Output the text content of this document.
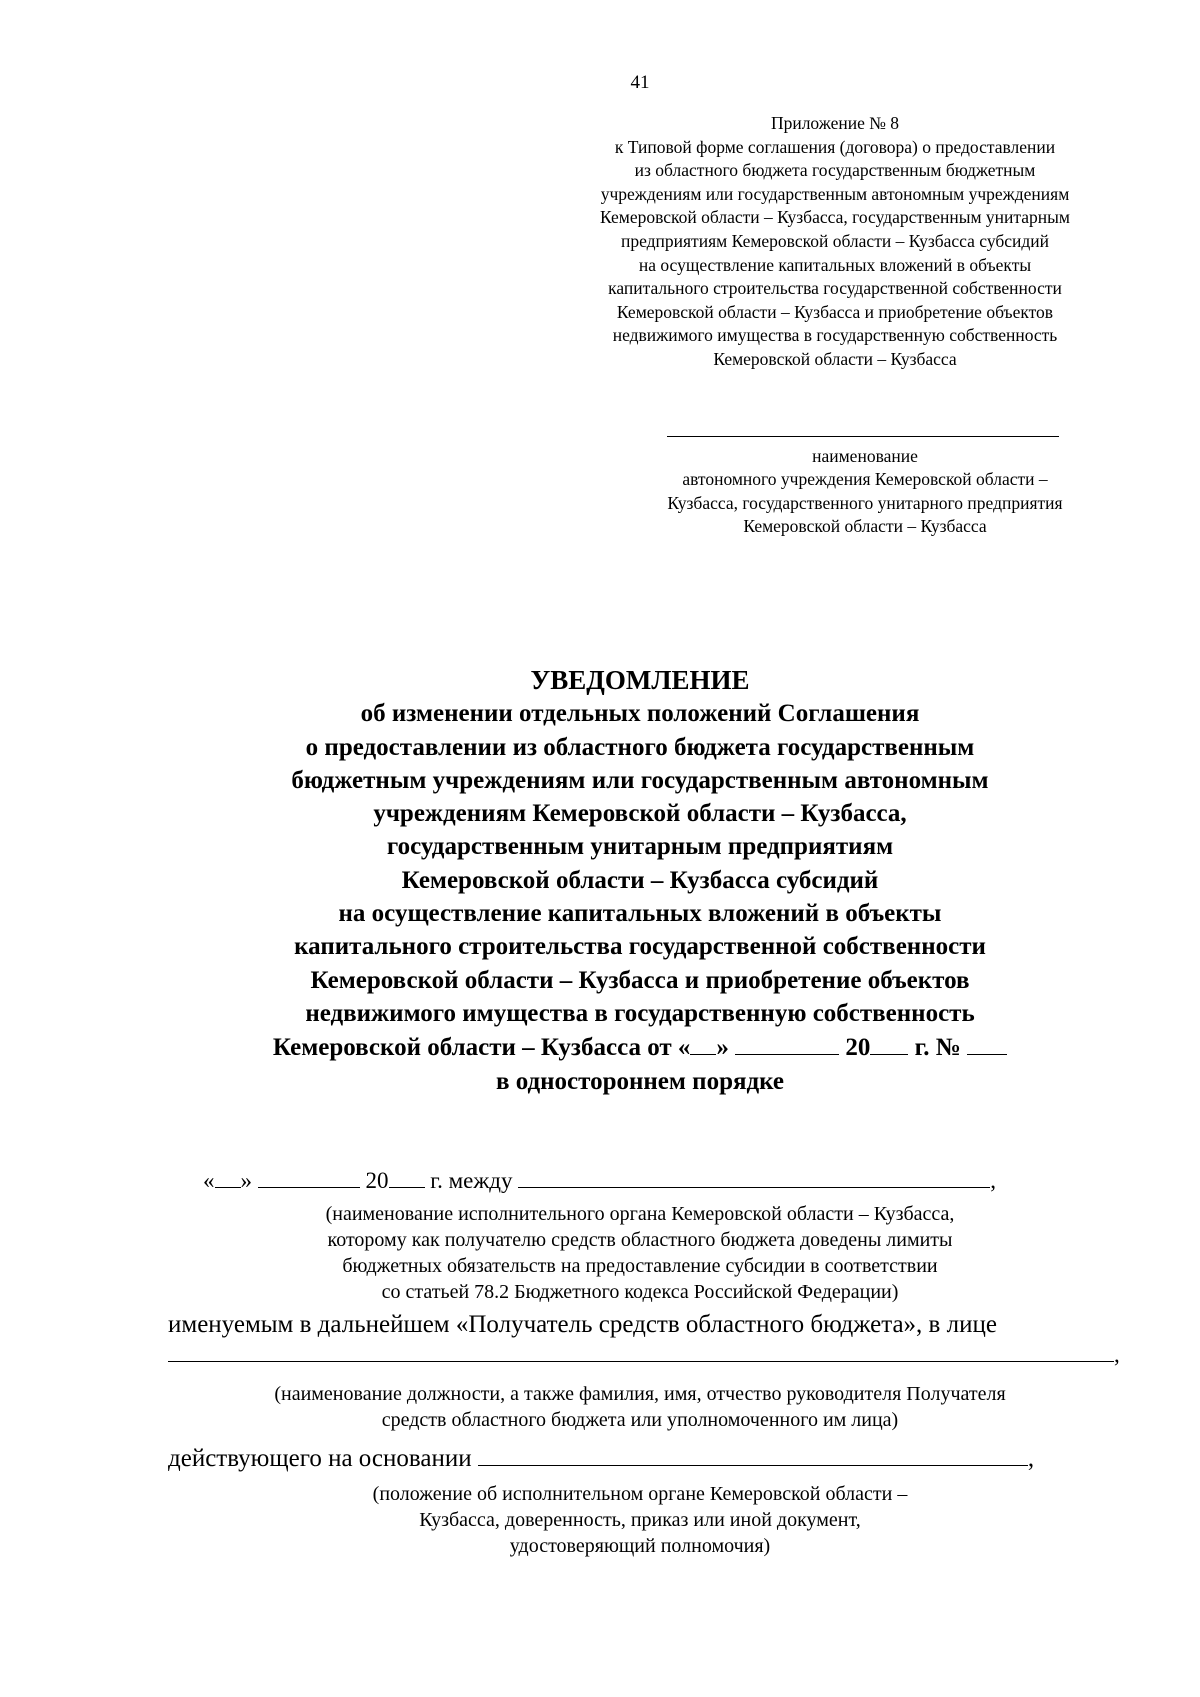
41
Приложение № 8
к Типовой форме соглашения (договора) о предоставлении
из областного бюджета государственным бюджетным
учреждениям или государственным автономным учреждениям
Кемеровской области – Кузбасса, государственным унитарным
предприятиям Кемеровской области – Кузбасса субсидий
на осуществление капитальных вложений в объекты
капитального строительства государственной собственности
Кемеровской области – Кузбасса и приобретение объектов
недвижимого имущества в государственную собственность
Кемеровской области – Кузбасса
наименование
автономного учреждения Кемеровской области –
Кузбасса, государственного унитарного предприятия
Кемеровской области – Кузбасса
УВЕДОМЛЕНИЕ
об изменении отдельных положений Соглашения
о предоставлении из областного бюджета государственным
бюджетным учреждениям или государственным автономным
учреждениям Кемеровской области – Кузбасса,
государственным унитарным предприятиям
Кемеровской области – Кузбасса субсидий
на осуществление капитальных вложений в объекты
капитального строительства государственной собственности
Кемеровской области – Кузбасса и приобретение объектов
недвижимого имущества в государственную собственность
Кемеровской области – Кузбасса от « »	20 г. №
в одностороннем порядке
« »	20 г. между	,
(наименование исполнительного органа Кемеровской области – Кузбасса,
которому как получателю средств областного бюджета доведены лимиты
бюджетных обязательств на предоставление субсидии в соответствии
со статьей 78.2 Бюджетного кодекса Российской Федерации)
именуемым в дальнейшем «Получатель средств областного бюджета», в лице
,
(наименование должности, а также фамилия, имя, отчество руководителя Получателя
средств областного бюджета или уполномоченного им лица)
действующего на основании	,
(положение об исполнительном органе Кемеровской области –
Кузбасса, доверенность, приказ или иной документ,
удостоверяющий полномочия)
